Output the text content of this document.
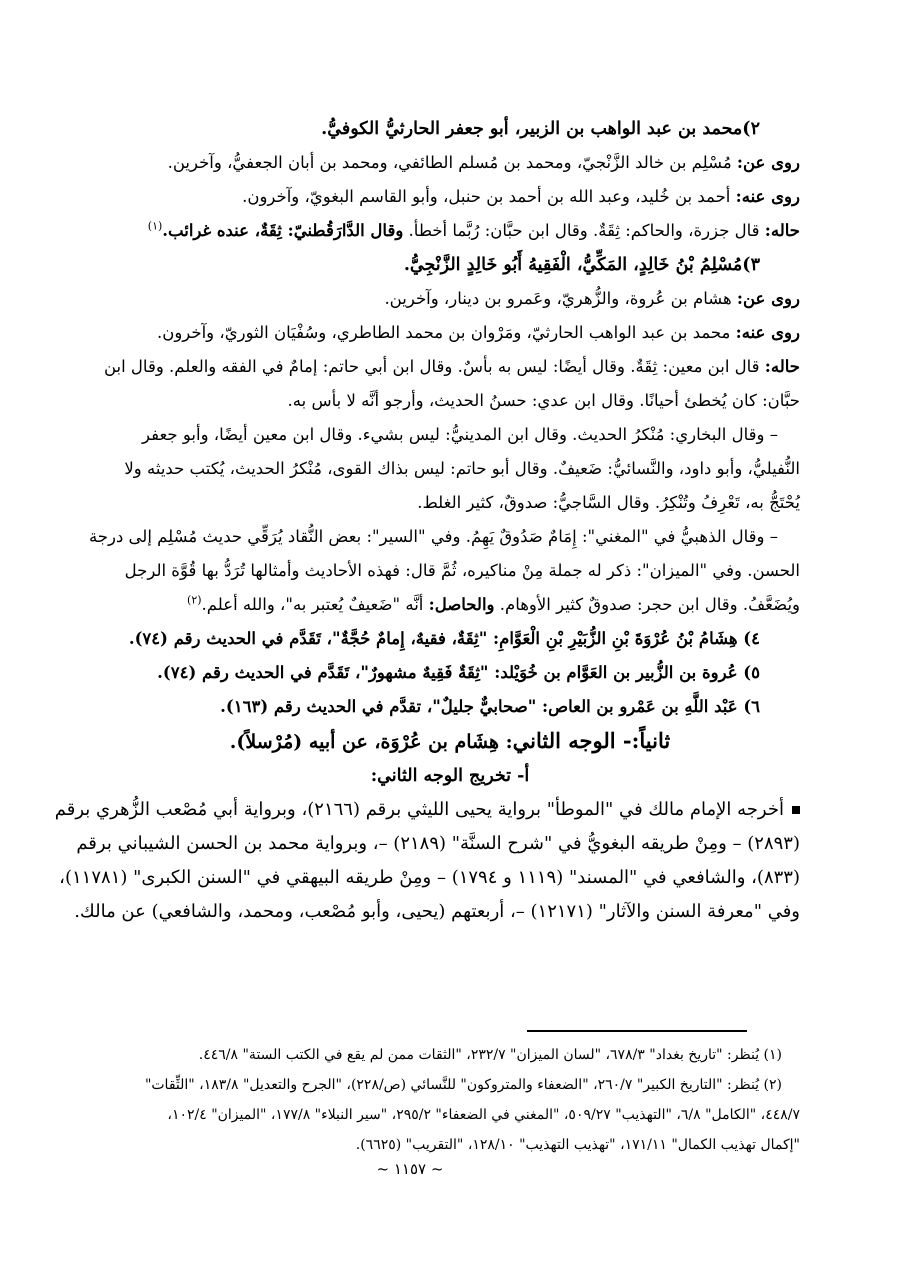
٢)محمد بن عبد الواهب بن الزبير، أبو جعفر الحارثيُّ الكوفيُّ.
روى عن: مُسْلِم بن خالد الزَّنْجيّ، ومحمد بن مُسلم الطائفي، ومحمد بن أبان الجعفيُّ، وآخرين.
روى عنه: أحمد بن خُليد، وعبد الله بن أحمد بن حنبل، وأبو القاسم البغويّ، وآخرون.
حاله: قال جزرة، والحاكم: ثِقَةٌ. وقال ابن حبَّان: رُبَّما أخطأ. وقال الدَّارَقُطنيّ: ثِقَةٌ، عنده غرائب.$^{(١)}$
٣)مُسْلِمُ بْنُ خَالِدٍ، المَكِّيُّ، الْفَقِيهُ أَبُو خَالِدٍ الزَّنْجِيُّ.
روى عن: هشام بن عُروة، والزُّهريّ، وعَمرو بن دينار، وآخرين.
روى عنه: محمد بن عبد الواهب الحارثيّ، ومَرْوان بن محمد الطاطري، وسُفْيَان الثوريّ، وآخرون.
حاله: قال ابن معين: ثِقَةٌ. وقال أيضًا: ليس به بأسٌ. وقال ابن أبي حاتم: إمامٌ في الفقه والعلم. وقال ابن
حبَّان: كان يُخطئ أحيانًا. وقال ابن عدي: حسنُ الحديث، وأرجو أنَّه لا بأس به.
– وقال البخاري: مُنْكرُ الحديث. وقال ابن المدينيُّ: ليس بشيء. وقال ابن معين أيضًا، وأبو جعفر
النُّفيليُّ، وأبو داود، والنَّسائيُّ: ضَعيفٌ. وقال أبو حاتم: ليس بذاك القوى، مُنْكرُ الحديث، يُكتب حديثه ولا
يُحْتَجُّ به، تَعْرِفُ وتُنْكِرُ. وقال السَّاجيُّ: صدوقٌ، كثير الغلط.
– وقال الذهبيُّ في "المغني": إِمَامٌ صَدُوقٌ يَهِمُ. وفي "السير": بعض النُّقاد يُرَقِّي حديث مُسْلِم إلى درجة
الحسن. وفي "الميزان": ذكر له جملة مِنْ مناكيره، ثُمَّ قال: فهذه الأحاديث وأمثالها تُرَدُّ بها قُوَّة الرجل
ويُضَعَّفُ. وقال ابن حجر: صدوقٌ كثير الأوهام. والحاصل: أنَّه "ضَعيفٌ يُعتبر به"، والله أعلم.$^{(٢)}$
٤) هِشَامُ بْنُ عُرْوَةَ بْنِ الزُّبَيْرِ بْنِ الْعَوَّامِ: "ثِقَةٌ، فقيهٌ، إِمامٌ حُجَّةٌ"، تَقَدَّم في الحديث رقم (٧٤).
٥) عُروة بن الزُّبير بن العَوَّام بن خُوَيْلد: "ثِقَةٌ فَقِيهٌ مشهورٌ"، تَقَدَّم في الحديث رقم (٧٤).
٦) عَبْد اللَّهِ بن عَمْرو بن العاص: "صحابيٌّ جليلٌ"، تقدَّم في الحديث رقم (١٦٣).
ثانياً:- الوجه الثاني: هِشَام بن عُرْوَة، عن أبيه (مُرْسلاً).
أ- تخريج الوجه الثاني:
أخرجه الإمام مالك في "الموطأ" برواية يحيى الليثي برقم (٢١٦٦)، وبرواية أبي مُصْعب الزُّهري برقم
(٢٨٩٣) – ومِنْ طريقه البغويُّ في "شرح السنَّة" (٢١٨٩) –، وبرواية محمد بن الحسن الشيباني برقم
(٨٣٣)، والشافعي في "المسند" (١١١٩ و ١٧٩٤) – ومِنْ طريقه البيهقي في "السنن الكبرى" (١١٧٨١)،
وفي "معرفة السنن والآثار" (١٢١٧١) –، أربعتهم (يحيى، وأبو مُصْعب، ومحمد، والشافعي) عن مالك.
(١) يُنظر: "تاريخ بغداد" ٦٧٨/٣، "لسان الميزان" ٢٣٢/٧، "الثقات ممن لم يقع في الكتب الستة" ٤٤٦/٨.
(٢) يُنظر: "التاريخ الكبير" ٢٦٠/٧، "الضعفاء والمتروكون" للنَّسائي (ص/٢٢٨)، "الجرح والتعديل" ١٨٣/٨، "الثِّقات"
٤٤٨/٧، "الكامل" ٦/٨، "التهذيب" ٥٠٩/٢٧، "المغني في الضعفاء" ٢٩٥/٢، "سير النبلاء" ١٧٧/٨، "الميزان" ١٠٢/٤،
"إكمال تهذيب الكمال" ١٧١/١١، "تهذيب التهذيب" ١٢٨/١٠، "التقريب" (٦٦٢٥).
~ ١١٥٧ ~
